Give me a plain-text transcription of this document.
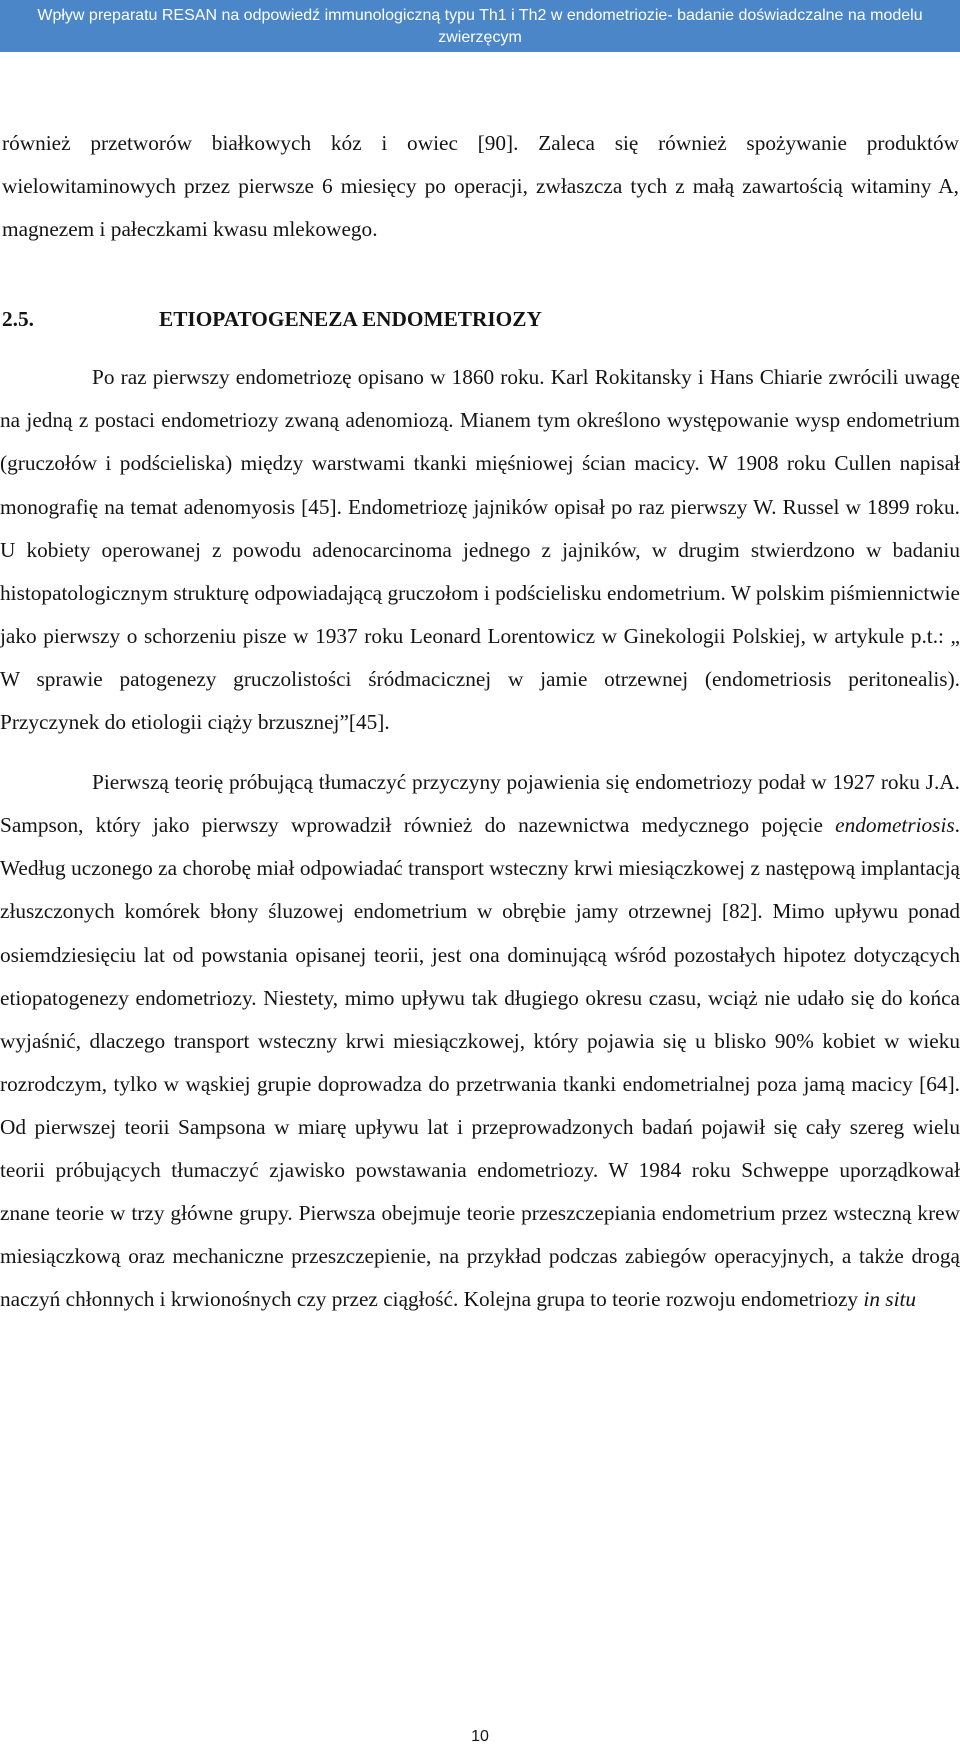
Wpływ preparatu RESAN na odpowiedź immunologiczną typu Th1 i Th2 w endometriozie- badanie doświadczalne na modelu
zwierzęcym

również przetworów białkowych kóz i owiec [90]. Zaleca się również spożywanie produktów wielowitaminowych przez pierwsze 6 miesięcy po operacji, zwłaszcza tych z małą zawartością witaminy A, magnezem i pałeczkami kwasu mlekowego.

2.5.	ETIOPATOGENEZA ENDOMETRIOZY

Po raz pierwszy endometriozę opisano w 1860 roku. Karl Rokitansky i Hans Chiarie zwrócili uwagę na jedną z postaci endometriozy zwaną adenomiozą. Mianem tym określono występowanie wysp endometrium (gruczołów i podścieliska) między warstwami tkanki mięśniowej ścian macicy. W 1908 roku Cullen napisał monografię na temat adenomyosis [45]. Endometriozę jajników opisał po raz pierwszy W. Russel w 1899 roku. U kobiety operowanej z powodu adenocarcinoma jednego z jajników, w drugim stwierdzono w badaniu histopatologicznym strukturę odpowiadającą gruczołom i podścielisku endometrium. W polskim piśmiennictwie jako pierwszy o schorzeniu pisze w 1937 roku Leonard Lorentowicz w Ginekologii Polskiej, w artykule p.t.: „ W sprawie patogenezy gruczolistości śródmacicznej w jamie otrzewnej (endometriosis peritonealis). Przyczynek do etiologii ciąży brzusznej”[45].

Pierwszą teorię próbującą tłumaczyć przyczyny pojawienia się endometriozy podał w 1927 roku J.A. Sampson, który jako pierwszy wprowadził również do nazewnictwa medycznego pojęcie endometriosis. Według uczonego za chorobę miał odpowiadać transport wsteczny krwi miesiączkowej z następową implantacją złuszczonych komórek błony śluzowej endometrium w obrębie jamy otrzewnej [82]. Mimo upływu ponad osiemdziesięciu lat od powstania opisanej teorii, jest ona dominującą wśród pozostałych hipotez dotyczących etiopatogenezy endometriozy. Niestety, mimo upływu tak długiego okresu czasu, wciąż nie udało się do końca wyjaśnić, dlaczego transport wsteczny krwi miesiączkowej, który pojawia się u blisko 90% kobiet w wieku rozrodczym, tylko w wąskiej grupie doprowadza do przetrwania tkanki endometrialnej poza jamą macicy [64]. Od pierwszej teorii Sampsona w miarę upływu lat i przeprowadzonych badań pojawił się cały szereg wielu teorii próbujących tłumaczyć zjawisko powstawania endometriozy. W 1984 roku Schweppe uporządkował znane teorie w trzy główne grupy. Pierwsza obejmuje teorie przeszczepiania endometrium przez wsteczną krew miesiączkową oraz mechaniczne przeszczepienie, na przykład podczas zabiegów operacyjnych, a także drogą naczyń chłonnych i krwionośnych czy przez ciągłość. Kolejna grupa to teorie rozwoju endometriozy in situ

10
